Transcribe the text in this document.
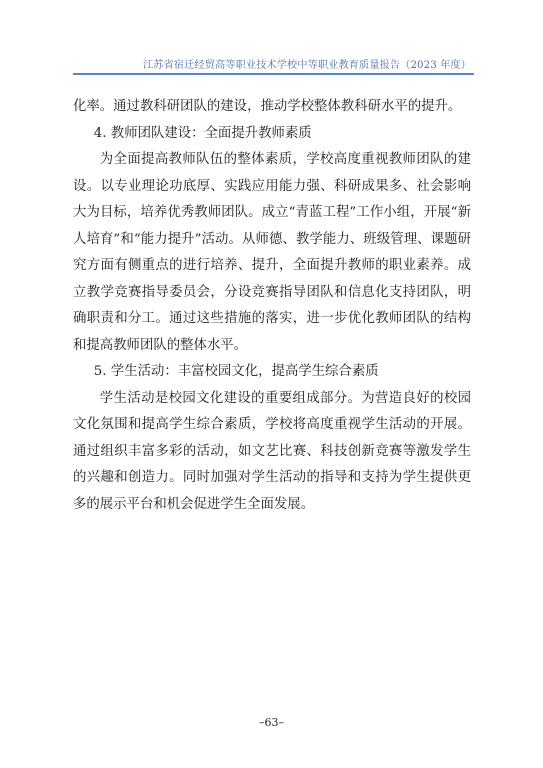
江苏省宿迁经贸高等职业技术学校中等职业教育质量报告（2023 年度）

化率。通过教科研团队的建设，推动学校整体教科研水平的提升。

4. 教师团队建设：全面提升教师素质

为全面提高教师队伍的整体素质，学校高度重视教师团队的建设。以专业理论功底厚、实践应用能力强、科研成果多、社会影响大为目标，培养优秀教师团队。成立“青蓝工程”工作小组，开展“新人培育”和“能力提升”活动。从师德、教学能力、班级管理、课题研究方面有侧重点的进行培养、提升，全面提升教师的职业素养。成立教学竞赛指导委员会，分设竞赛指导团队和信息化支持团队，明确职责和分工。通过这些措施的落实，进一步优化教师团队的结构和提高教师团队的整体水平。

5. 学生活动：丰富校园文化，提高学生综合素质

学生活动是校园文化建设的重要组成部分。为营造良好的校园文化氛围和提高学生综合素质，学校将高度重视学生活动的开展。通过组织丰富多彩的活动，如文艺比赛、科技创新竞赛等激发学生的兴趣和创造力。同时加强对学生活动的指导和支持为学生提供更多的展示平台和机会促进学生全面发展。

–63–
